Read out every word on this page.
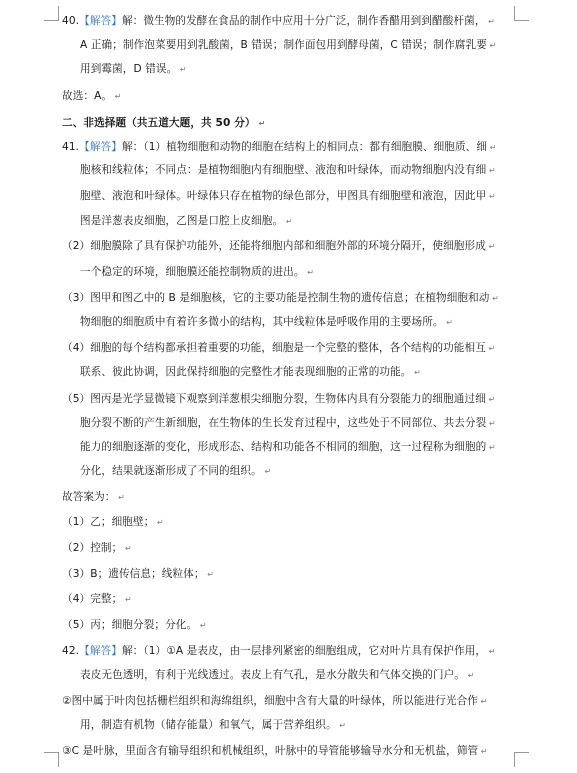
40.【解答】解：微生物的发酵在食品的制作中应用十分广泛，制作香醋用到到醋酸杆菌， ↵
A 正确；制作泡菜要用到乳酸菌，B 错误；制作面包用到酵母菌，C 错误；制作腐乳要 ↵
用到霉菌，D 错误。 ↵
故选：A。 ↵
二、非选择题（共五道大题，共 50 分） ↵
41.【解答】解：（1）植物细胞和动物的细胞在结构上的相同点：都有细胞膜、细胞质、细 ↵
胞核和线粒体；不同点：是植物细胞内有细胞壁、液泡和叶绿体，而动物细胞内没有细 ↵
胞壁、液泡和叶绿体。叶绿体只存在植物的绿色部分，甲图具有细胞壁和液泡，因此甲 ↵
图是洋葱表皮细胞，乙图是口腔上皮细胞。 ↵
（2）细胞膜除了具有保护功能外，还能将细胞内部和细胞外部的环境分隔开，使细胞形成 ↵
一个稳定的环境，细胞膜还能控制物质的进出。 ↵
（3）图甲和图乙中的 B 是细胞核，它的主要功能是控制生物的遗传信息；在植物细胞和动 ↵
物细胞的细胞质中有着许多微小的结构，其中线粒体是呼吸作用的主要场所。 ↵
（4）细胞的每个结构都承担着重要的功能，细胞是一个完整的整体，各个结构的功能相互 ↵
联系、彼此协调，因此保持细胞的完整性才能表现细胞的正常的功能。 ↵
（5）图丙是光学显微镜下观察到洋葱根尖细胞分裂，生物体内具有分裂能力的细胞通过细 ↵
胞分裂不断的产生新细胞，在生物体的生长发育过程中，这些处于不同部位、共去分裂 ↵
能力的细胞逐渐的变化，形成形态、结构和功能各不相同的细胞，这一过程称为细胞的 ↵
分化，结果就逐渐形成了不同的组织。 ↵
故答案为： ↵
（1）乙；细胞壁； ↵
（2）控制； ↵
（3）B；遗传信息；线粒体； ↵
（4）完整； ↵
（5）丙；细胞分裂；分化。 ↵
42.【解答】解：（1）①A 是表皮，由一层排列紧密的细胞组成，它对叶片具有保护作用， ↵
表皮无色透明，有利于光线透过。表皮上有气孔，是水分散失和气体交换的门户。 ↵
②图中属于叶肉包括栅栏组织和海绵组织，细胞中含有大量的叶绿体，所以能进行光合作 ↵
用，制造有机物（储存能量）和氧气，属于营养组织。 ↵
③C 是叶脉，里面含有输导组织和机械组织，叶脉中的导管能够输导水分和无机盐，筛管 ↵
